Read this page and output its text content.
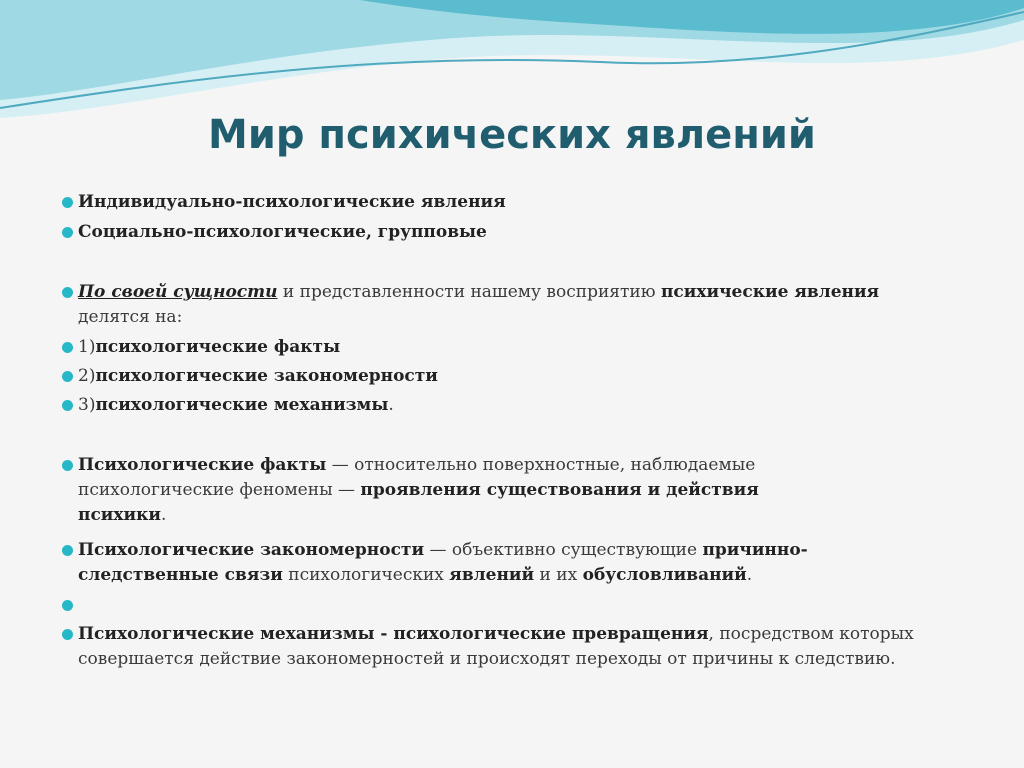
Мир психических явлений
Индивидуально-психологические явления
Социально-психологические, групповые
По своей сущности и представленности нашему восприятию психические явления
делятся на:
1)психологические факты
2)психологические закономерности
3)психологические механизмы.
Психологические факты — относительно поверхностные, наблюдаемые психологические феномены — проявления существования и действия психики.
Психологические закономерности — объективно существующие причинно-следственные связи психологических явлений и их обусловливаний.
Психологические механизмы - психологические превращения, посредством которых совершается действие закономерностей и происходят переходы от причины к следствию.
